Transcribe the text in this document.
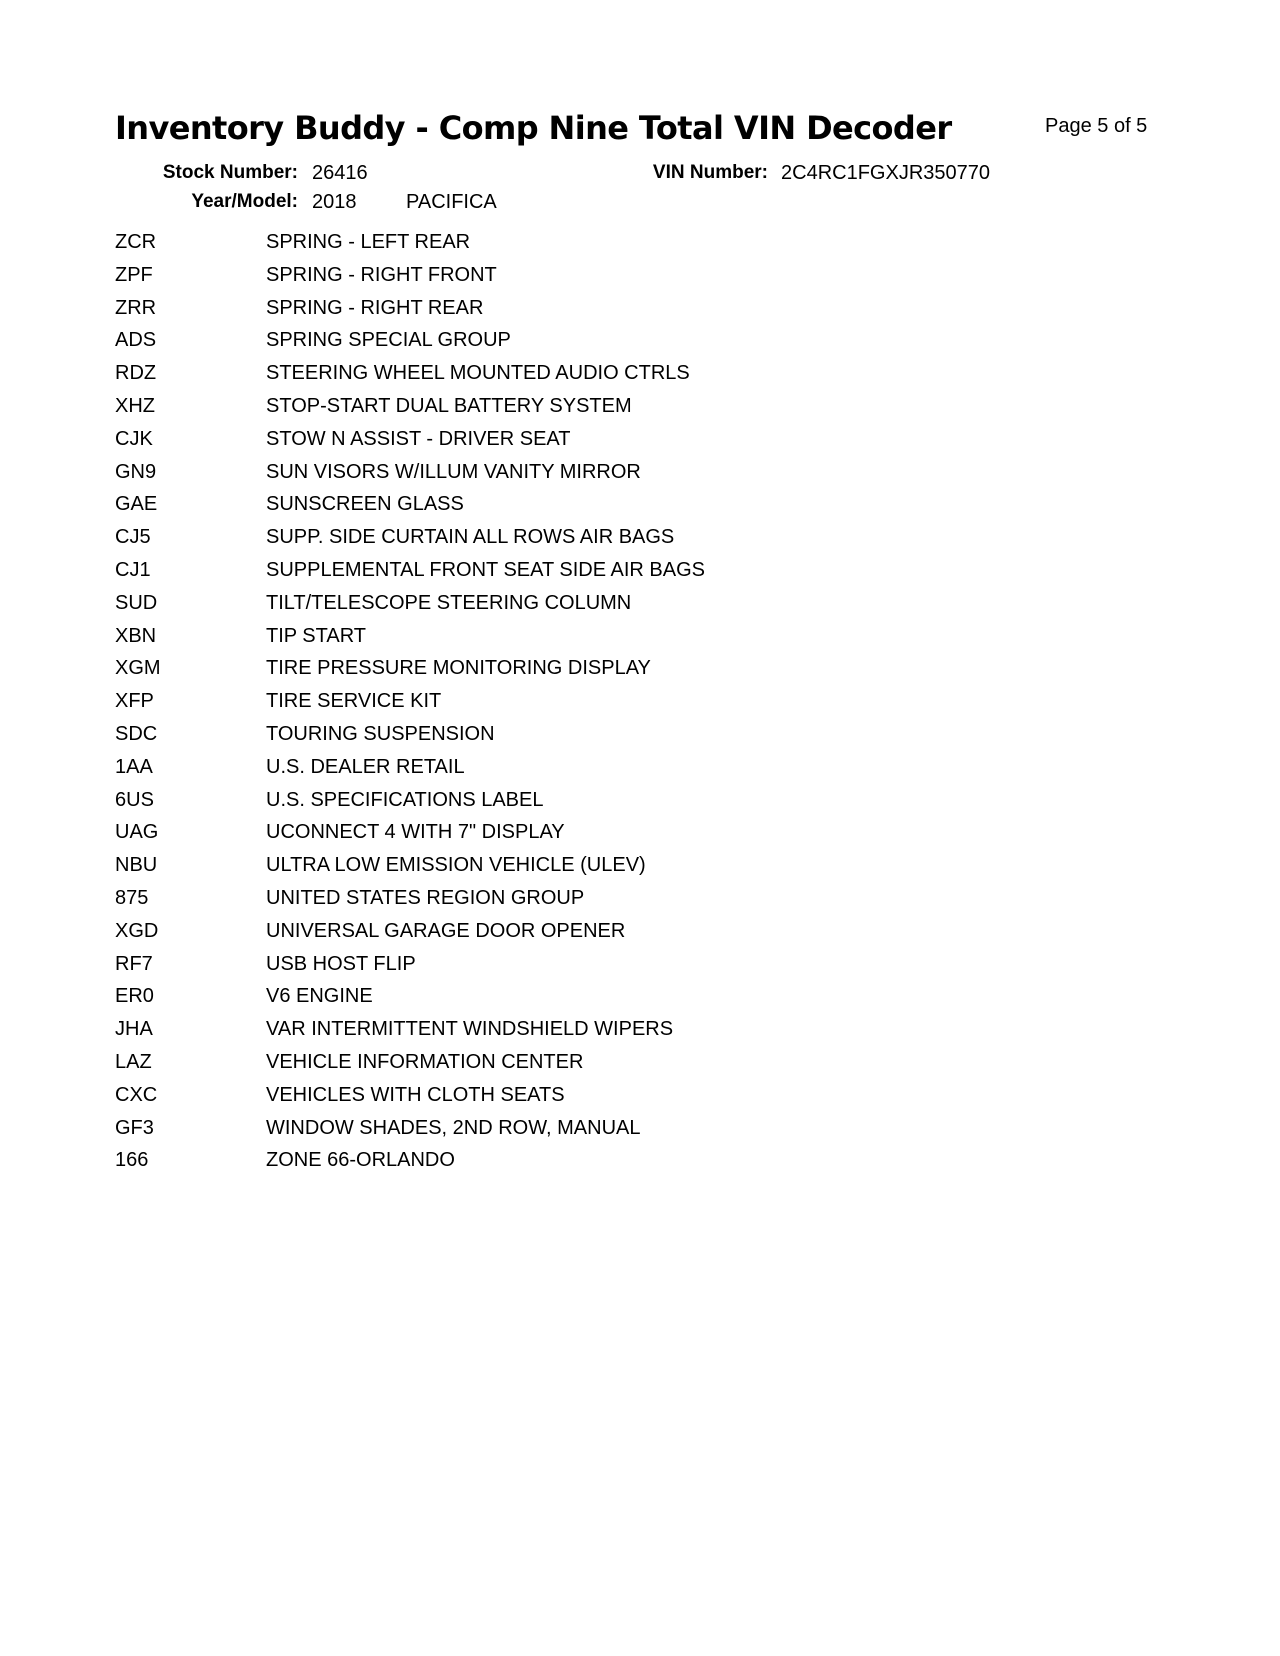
Inventory Buddy - Comp Nine Total VIN Decoder	Page 5 of 5
Stock Number: 26416
Year/Model: 2018 PACIFICA
VIN Number: 2C4RC1FGXJR350770
ZCR	SPRING - LEFT REAR
ZPF	SPRING - RIGHT FRONT
ZRR	SPRING - RIGHT REAR
ADS	SPRING SPECIAL GROUP
RDZ	STEERING WHEEL MOUNTED AUDIO CTRLS
XHZ	STOP-START DUAL BATTERY SYSTEM
CJK	STOW N ASSIST - DRIVER SEAT
GN9	SUN VISORS W/ILLUM VANITY MIRROR
GAE	SUNSCREEN GLASS
CJ5	SUPP. SIDE CURTAIN ALL ROWS AIR BAGS
CJ1	SUPPLEMENTAL FRONT SEAT SIDE AIR BAGS
SUD	TILT/TELESCOPE STEERING COLUMN
XBN	TIP START
XGM	TIRE PRESSURE MONITORING DISPLAY
XFP	TIRE SERVICE KIT
SDC	TOURING SUSPENSION
1AA	U.S. DEALER RETAIL
6US	U.S. SPECIFICATIONS LABEL
UAG	UCONNECT 4 WITH 7" DISPLAY
NBU	ULTRA LOW EMISSION VEHICLE (ULEV)
875	UNITED STATES REGION GROUP
XGD	UNIVERSAL GARAGE DOOR OPENER
RF7	USB HOST FLIP
ER0	V6 ENGINE
JHA	VAR INTERMITTENT WINDSHIELD WIPERS
LAZ	VEHICLE INFORMATION CENTER
CXC	VEHICLES WITH CLOTH SEATS
GF3	WINDOW SHADES, 2ND ROW, MANUAL
166	ZONE 66-ORLANDO
